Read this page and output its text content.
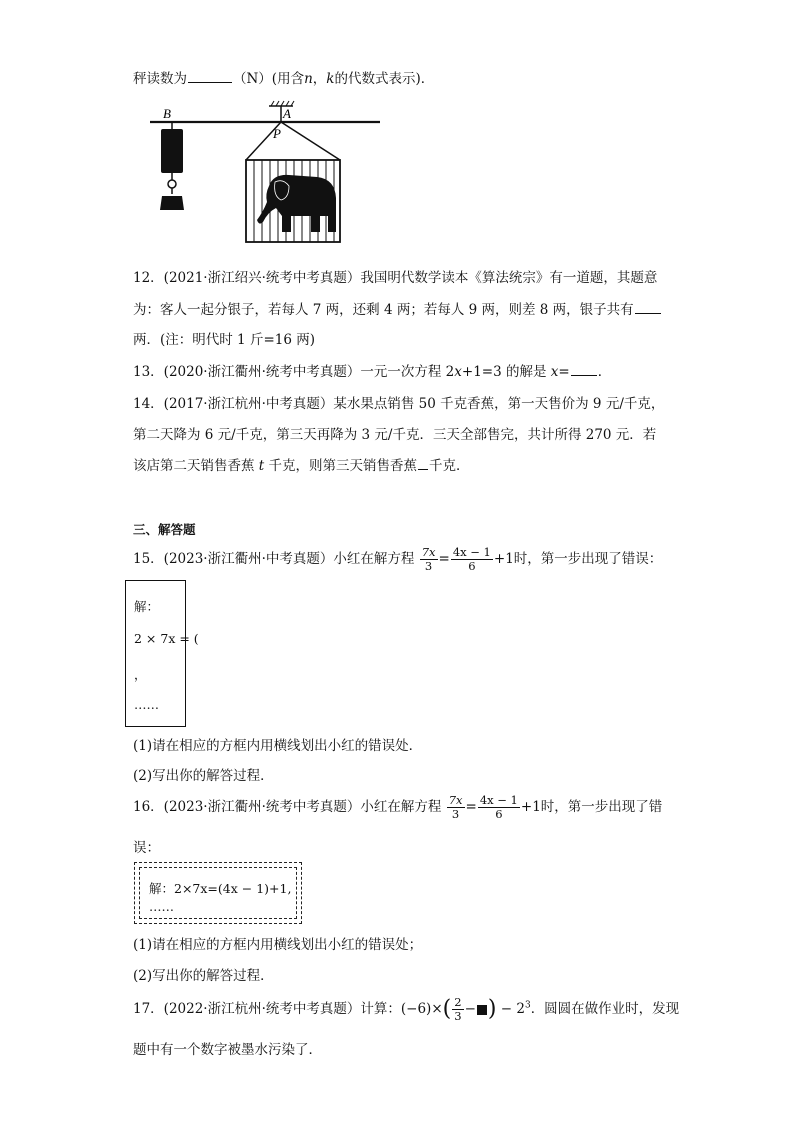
秤读数为	（N）(用含n，k的代数式表示)．
B	A
P
12．(2021·浙江绍兴·统考中考真题）我国明代数学读本《算法统宗》有一道题，其题意
为：客人一起分银子，若每人 7 两，还剩 4 两；若每人 9 两，则差 8 两，银子共有
两．(注：明代时 1 斤=16 两)
13．(2020·浙江衢州·统考中考真题）一元一次方程 2x+1=3 的解是 x= ．
14．(2017·浙江杭州·中考真题）某水果点销售 50 千克香蕉，第一天售价为 9 元/千克，
第二天降为 6 元/千克，第三天再降为 3 元/千克．三天全部售完，共计所得 270 元．若
该店第二天销售香蕉 t 千克，则第三天销售香蕉 千克．
三、解答题
15．(2023·浙江衢州·中考真题）小红在解方程 $\frac{7x}{3} = \frac{4x - 1}{6} +1$时，第一步出现了错误：
解：
2 × 7x = (
，
……
(1)请在相应的方框内用横线划出小红的错误处．
(2)写出你的解答过程．
16．(2023·浙江衢州·统考中考真题）小红在解方程 $\frac{7x}{3} = \frac{4x - 1}{6} +1$时，第一步出现了错
误：
解：2×7x=(4x − 1)+1,
……
(1)请在相应的方框内用横线划出小红的错误处；
(2)写出你的解答过程．
17．(2022·浙江杭州·统考中考真题）计算：$(-6)\times( \frac{2}{3}$ − ) − $2^3$．圆圆在做作业时，发现
题中有一个数字被墨水污染了．
